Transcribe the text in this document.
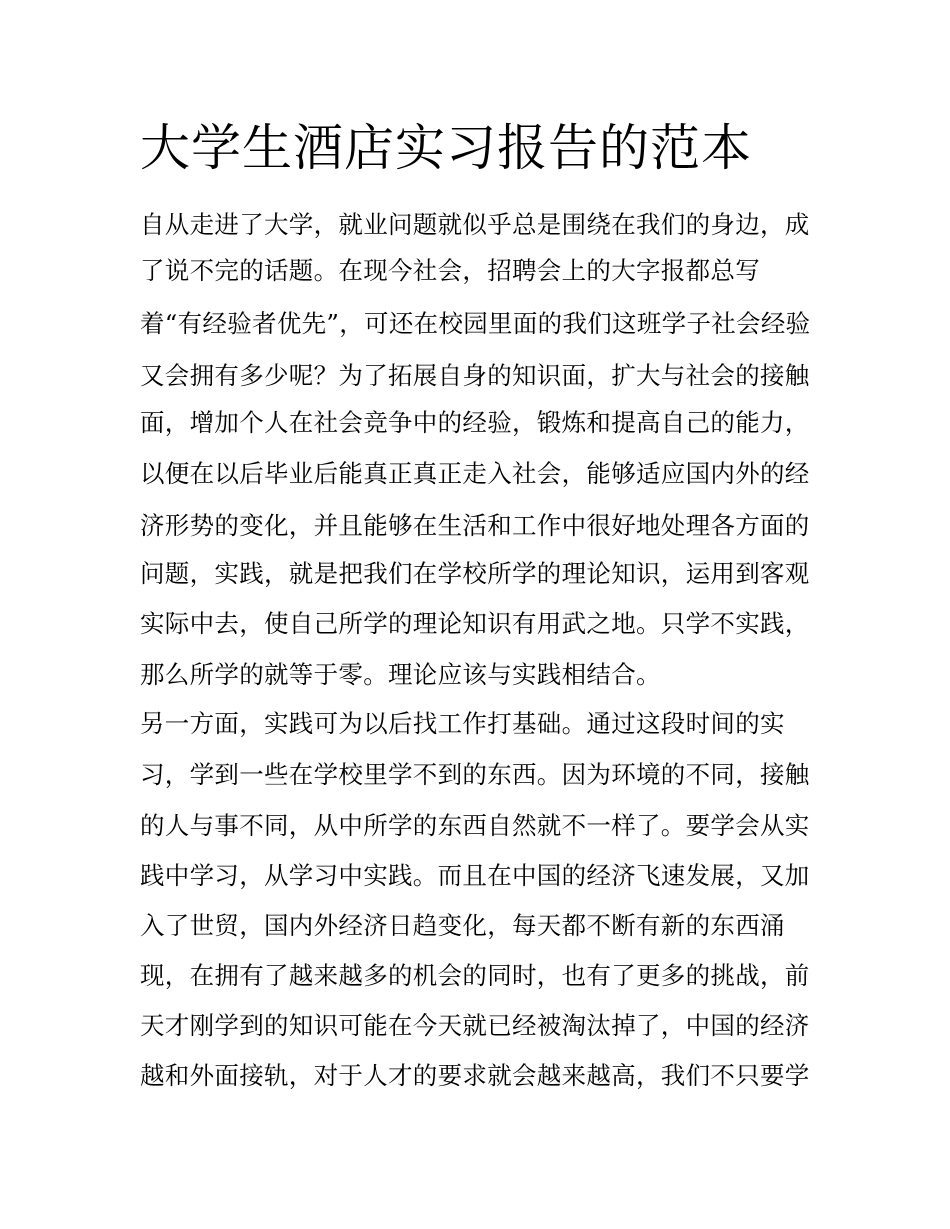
大学生酒店实习报告的范本
自从走进了大学，就业问题就似乎总是围绕在我们的身边，成
了说不完的话题。在现今社会，招聘会上的大字报都总写
着“有经验者优先”，可还在校园里面的我们这班学子社会经验
又会拥有多少呢？为了拓展自身的知识面，扩大与社会的接触
面，增加个人在社会竞争中的经验，锻炼和提高自己的能力，
以便在以后毕业后能真正真正走入社会，能够适应国内外的经
济形势的变化，并且能够在生活和工作中很好地处理各方面的
问题，实践，就是把我们在学校所学的理论知识，运用到客观
实际中去，使自己所学的理论知识有用武之地。只学不实践，
那么所学的就等于零。理论应该与实践相结合。
另一方面，实践可为以后找工作打基础。通过这段时间的实
习，学到一些在学校里学不到的东西。因为环境的不同，接触
的人与事不同，从中所学的东西自然就不一样了。要学会从实
践中学习，从学习中实践。而且在中国的经济飞速发展，又加
入了世贸，国内外经济日趋变化，每天都不断有新的东西涌
现，在拥有了越来越多的机会的同时，也有了更多的挑战，前
天才刚学到的知识可能在今天就已经被淘汰掉了，中国的经济
越和外面接轨，对于人才的要求就会越来越高，我们不只要学
